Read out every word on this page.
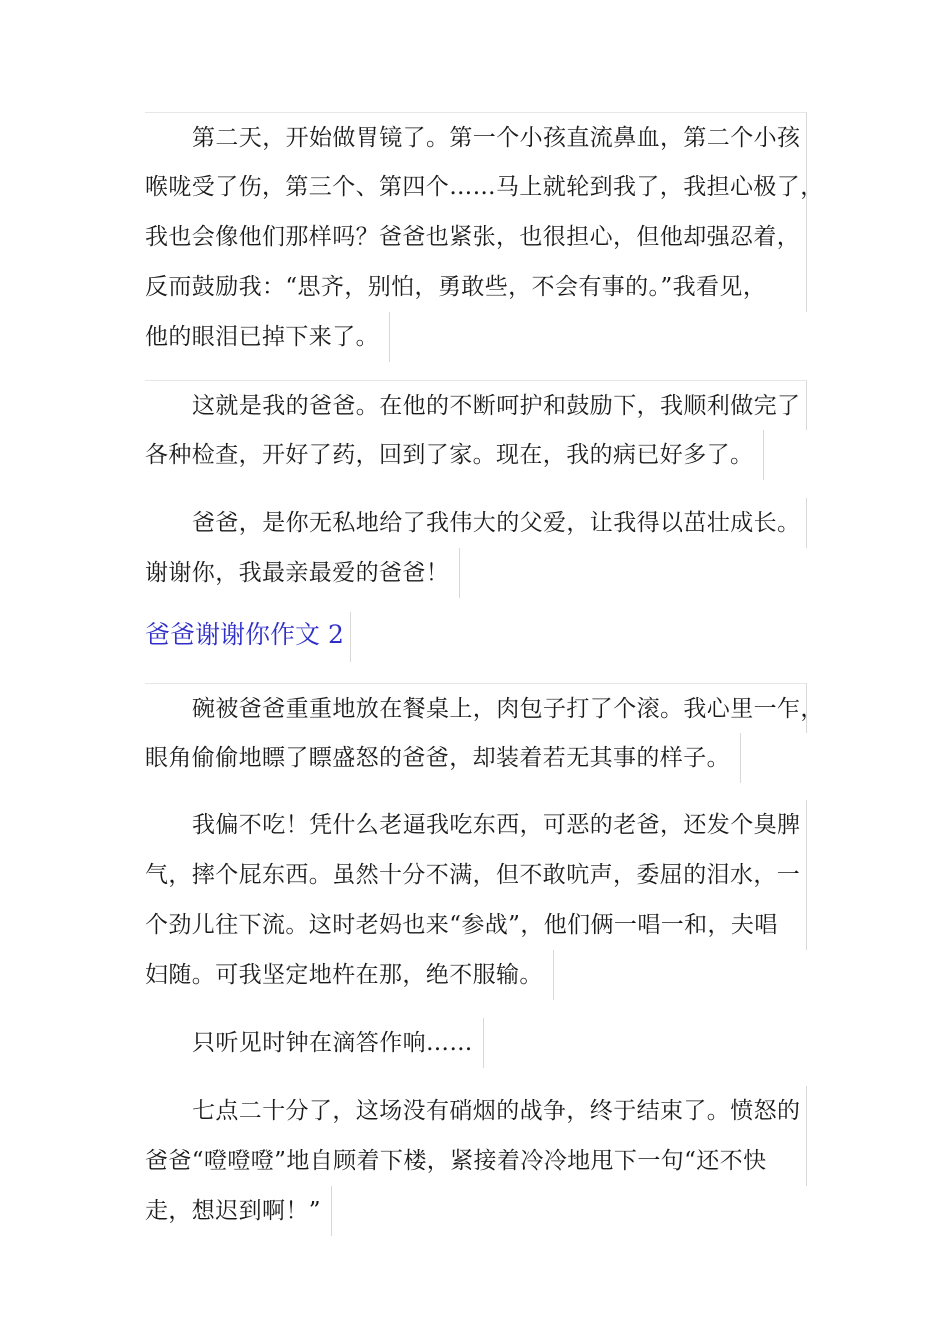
第二天，开始做胃镜了。第一个小孩直流鼻血，第二个小孩
喉咙受了伤，第三个、第四个……马上就轮到我了，我担心极了，
我也会像他们那样吗？爸爸也紧张，也很担心，但他却强忍着，
反而鼓励我：“思齐，别怕，勇敢些，不会有事的。”我看见，
他的眼泪已掉下来了。
这就是我的爸爸。在他的不断呵护和鼓励下，我顺利做完了
各种检查，开好了药，回到了家。现在，我的病已好多了。
爸爸，是你无私地给了我伟大的父爱，让我得以茁壮成长。
谢谢你，我最亲最爱的爸爸！
爸爸谢谢你作文 2
碗被爸爸重重地放在餐桌上，肉包子打了个滚。我心里一乍，
眼角偷偷地瞟了瞟盛怒的爸爸，却装着若无其事的样子。
我偏不吃！凭什么老逼我吃东西，可恶的老爸，还发个臭脾
气，摔个屁东西。虽然十分不满，但不敢吭声，委屈的泪水，一
个劲儿往下流。这时老妈也来“参战”，他们俩一唱一和，夫唱
妇随。可我坚定地杵在那，绝不服输。
只听见时钟在滴答作响……
七点二十分了，这场没有硝烟的战争，终于结束了。愤怒的
爸爸“噔噔噔”地自顾着下楼，紧接着冷冷地甩下一句“还不快
走，想迟到啊！”
